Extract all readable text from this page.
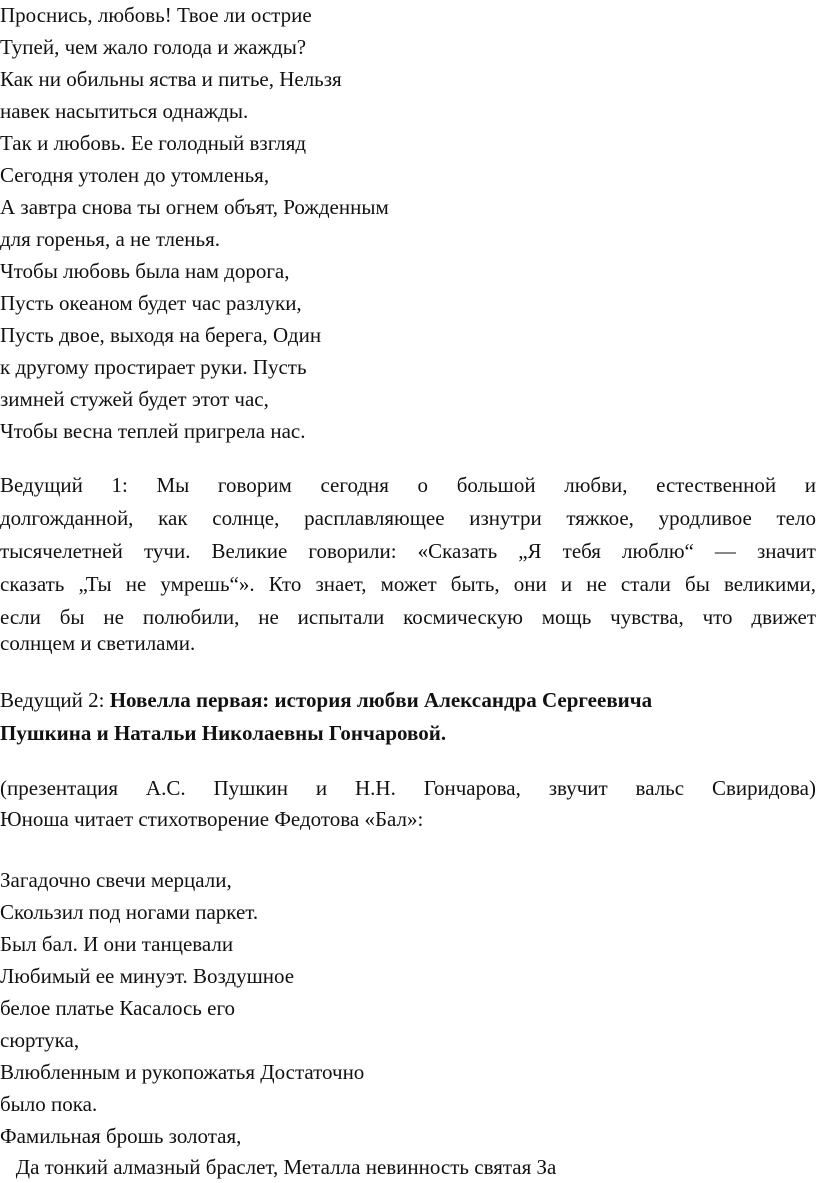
Проснись, любовь! Твое ли острие
Тупей, чем жало голода и жажды?
Как ни обильны яства и питье, Нельзя
навек насытиться однажды.
Так и любовь. Ее голодный взгляд
Сегодня утолен до утомленья,
А завтра снова ты огнем объят, Рожденным
для горенья, а не тленья.
Чтобы любовь была нам дорога,
Пусть океаном будет час разлуки,
Пусть двое, выходя на берега, Один
к другому простирает руки. Пусть
зимней стужей будет этот час,
Чтобы весна теплей пригрела нас.
Ведущий 1: Мы говорим сегодня о большой любви, естественной и
долгожданной, как солнце, расплавляющее изнутри тяжкое, уродливое тело
тысячелетней тучи. Великие говорили: «Сказать „Я тебя люблю“ — значит
сказать „Ты не умрешь“». Кто знает, может быть, они и не стали бы великими,
если бы не полюбили, не испытали космическую мощь чувства, что движет
солнцем и светилами.
Ведущий 2: Новелла первая: история любви Александра Сергеевича
Пушкина и Натальи Николаевны Гончаровой.
(презентация А.С. Пушкин и Н.Н. Гончарова, звучит вальс Свиридова)
Юноша читает стихотворение Федотова «Бал»:
Загадочно свечи мерцали,
Скользил под ногами паркет.
Был бал. И они танцевали
Любимый ее минуэт. Воздушное
белое платье Касалось его
сюртука,
Влюбленным и рукопожатья Достаточно
было пока.
Фамильная брошь золотая,
Да тонкий алмазный браслет, Металла невинность святая За
